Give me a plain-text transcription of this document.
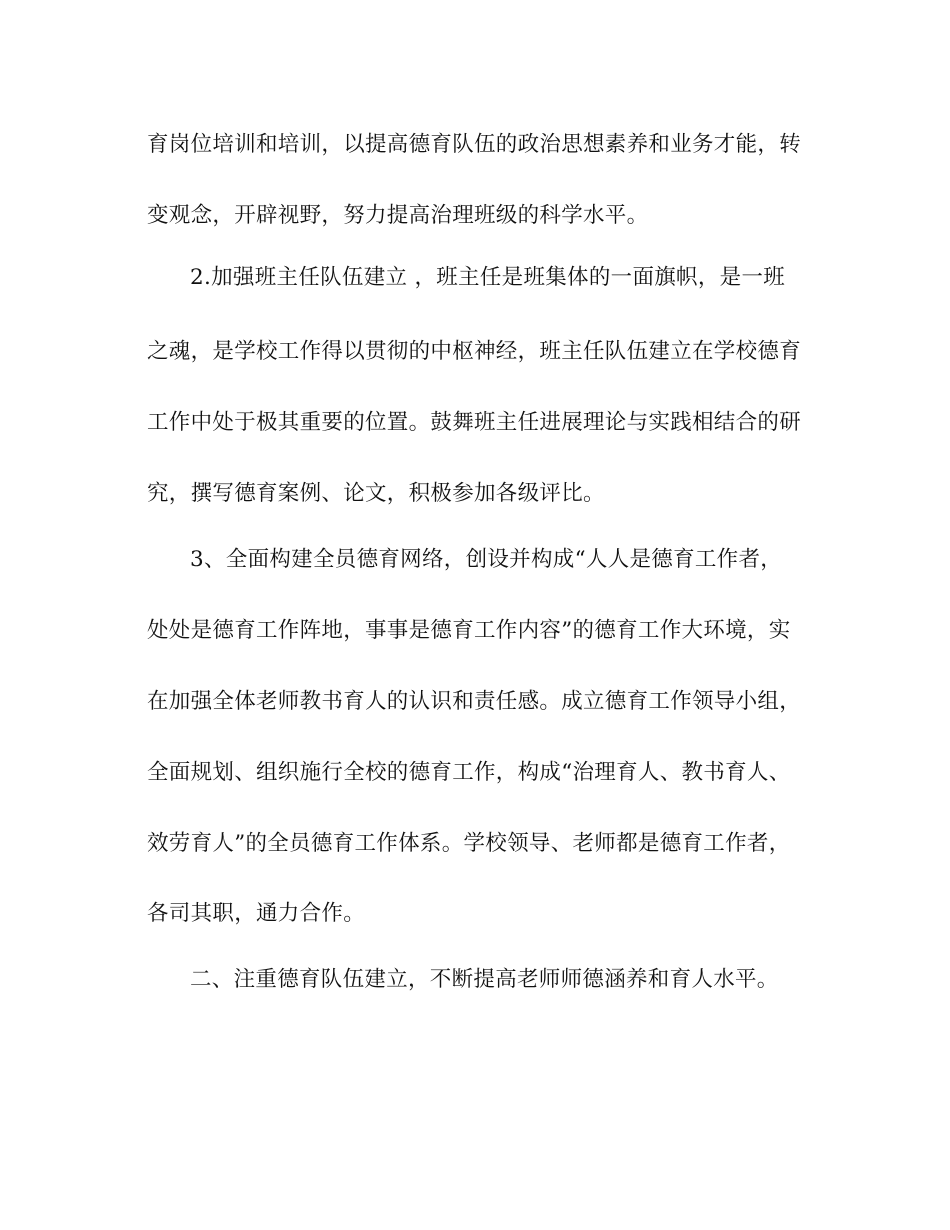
育岗位培训和培训，以提高德育队伍的政治思想素养和业务才能，转
变观念，开辟视野，努力提高治理班级的科学水平。
2.加强班主任队伍建立 ，班主任是班集体的一面旗帜，是一班
之魂，是学校工作得以贯彻的中枢神经，班主任队伍建立在学校德育
工作中处于极其重要的位置。鼓舞班主任进展理论与实践相结合的研
究，撰写德育案例、论文，积极参加各级评比。
3、全面构建全员德育网络，创设并构成“人人是德育工作者，
处处是德育工作阵地，事事是德育工作内容”的德育工作大环境，实
在加强全体老师教书育人的认识和责任感。成立德育工作领导小组，
全面规划、组织施行全校的德育工作，构成“治理育人、教书育人、
效劳育人”的全员德育工作体系。学校领导、老师都是德育工作者，
各司其职，通力合作。
二、注重德育队伍建立，不断提高老师师德涵养和育人水平。
